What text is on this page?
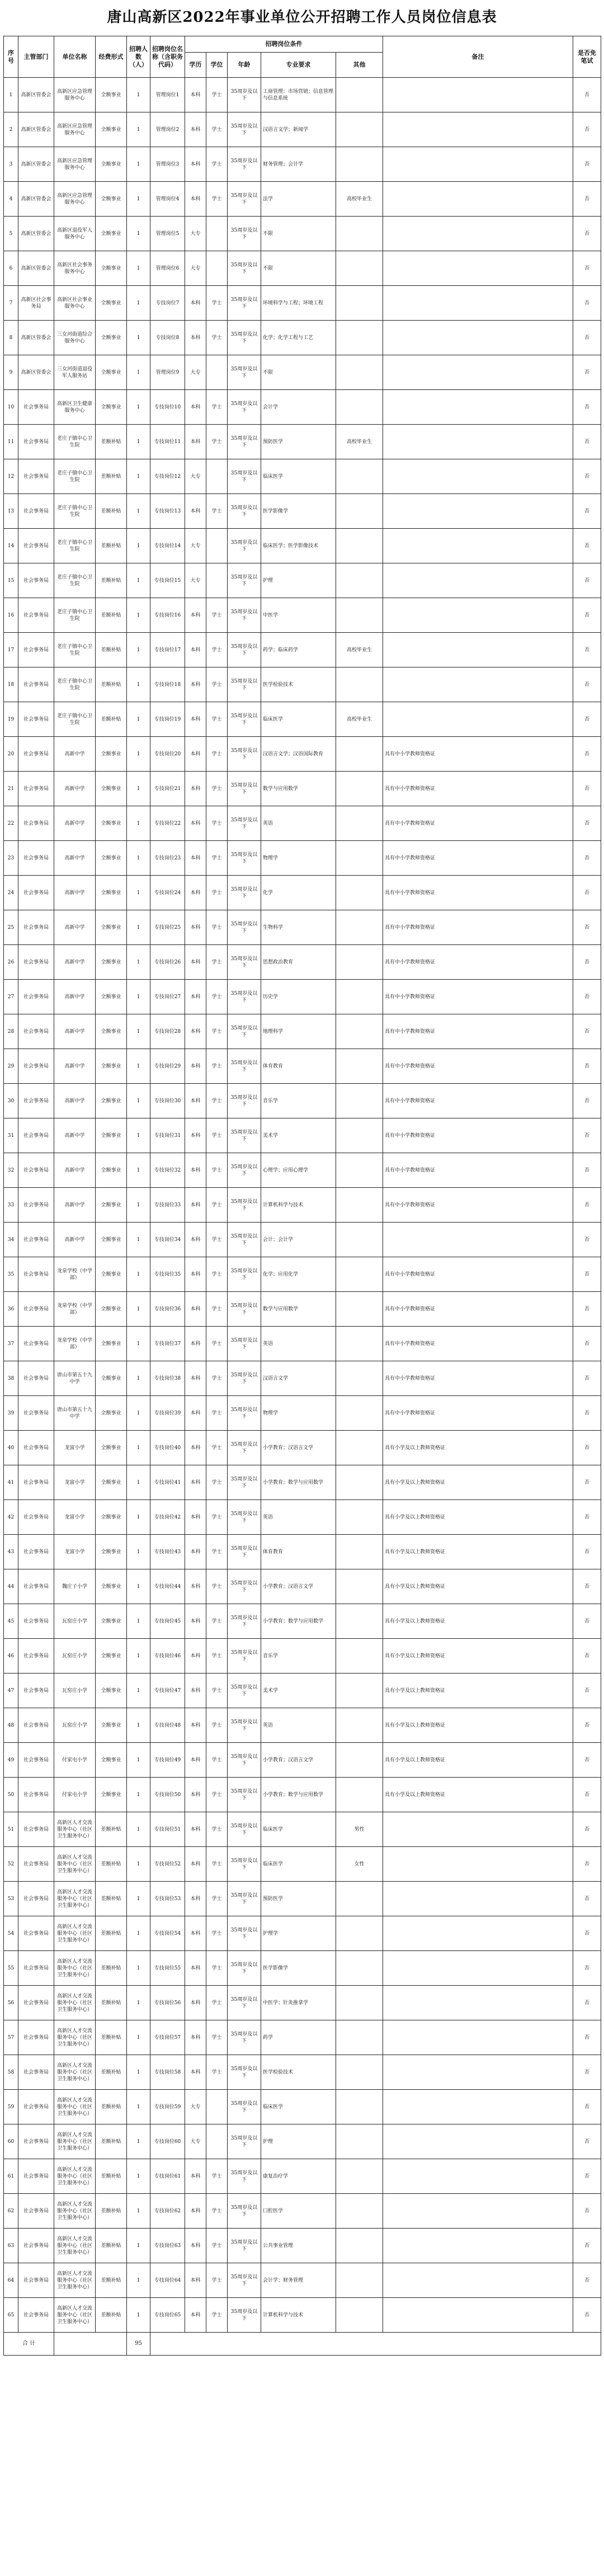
唐山高新区2022年事业单位公开招聘工作人员岗位信息表
序号	主管部门	单位名称	经费形式	招聘人数（人）	招聘岗位名称（含职务代码）	招聘岗位条件					备注	是否免笔试
						学历	学位	年龄	专业要求	其他		
1	高新区管委会	高新区应急管理服务中心	全额事业	1	管理岗位1	本科	学士	35周岁及以下	工商管理；市场营销；信息管理与信息系统			否
2	高新区管委会	高新区应急管理服务中心	全额事业	1	管理岗位2	本科	学士	35周岁及以下	汉语言文学；新闻学			否
3	高新区管委会	高新区应急管理服务中心	全额事业	1	管理岗位3	本科	学士	35周岁及以下	财务管理；会计学			否
4	高新区管委会	高新区应急管理服务中心	全额事业	1	管理岗位4	本科	学士	35周岁及以下	法学	高校毕业生		否
5	高新区管委会	高新区退役军人服务中心	全额事业	1	管理岗位5	大专		35周岁及以下	不限			否
6	高新区管委会	高新区社会事务服务中心	全额事业	1	管理岗位6	大专		35周岁及以下	不限			否
7	高新区社会事务局	高新区社会事业服务中心	全额事业	1	专技岗位7	本科	学士	35周岁及以下	环境科学与工程；环境工程			否
8	高新区管委会	三女河街道综合服务中心	全额事业	1	专技岗位8	本科	学士	35周岁及以下	化学；化学工程与工艺			否
9	高新区管委会	三女河街道退役军人服务站	全额事业	1	管理岗位9	大专		35周岁及以下	不限			否
10	社会事务局	高新区卫生健康服务中心	全额事业	1	专技岗位10	本科	学士	35周岁及以下	会计学			否
11	社会事务局	老庄子镇中心卫生院	差额补贴	1	专技岗位11	本科	学士	35周岁及以下	预防医学	高校毕业生		否
12	社会事务局	老庄子镇中心卫生院	差额补贴	1	专技岗位12	大专		35周岁及以下	临床医学			否
13	社会事务局	老庄子镇中心卫生院	差额补贴	1	专技岗位13	本科	学士	35周岁及以下	医学影像学			否
14	社会事务局	老庄子镇中心卫生院	差额补贴	1	专技岗位14	大专		35周岁及以下	临床医学；医学影像技术			否
15	社会事务局	老庄子镇中心卫生院	差额补贴	1	专技岗位15	大专		35周岁及以下	护理			否
16	社会事务局	老庄子镇中心卫生院	差额补贴	1	专技岗位16	本科	学士	35周岁及以下	中医学			否
17	社会事务局	老庄子镇中心卫生院	差额补贴	1	专技岗位17	本科	学士	35周岁及以下	药学；临床药学	高校毕业生		否
18	社会事务局	老庄子镇中心卫生院	差额补贴	1	专技岗位18	本科	学士	35周岁及以下	医学检验技术			否
19	社会事务局	老庄子镇中心卫生院	差额补贴	1	专技岗位19	本科	学士	35周岁及以下	临床医学	高校毕业生		否
20	社会事务局	高新中学	全额事业	1	专技岗位20	本科	学士	35周岁及以下	汉语言文学；汉语国际教育		具有中小学教师资格证	否
21	社会事务局	高新中学	全额事业	1	专技岗位21	本科	学士	35周岁及以下	数学与应用数学		具有中小学教师资格证	否
22	社会事务局	高新中学	全额事业	1	专技岗位22	本科	学士	35周岁及以下	英语		具有中小学教师资格证	否
23	社会事务局	高新中学	全额事业	1	专技岗位23	本科	学士	35周岁及以下	物理学		具有中小学教师资格证	否
24	社会事务局	高新中学	全额事业	1	专技岗位24	本科	学士	35周岁及以下	化学		具有中小学教师资格证	否
25	社会事务局	高新中学	全额事业	1	专技岗位25	本科	学士	35周岁及以下	生物科学		具有中小学教师资格证	否
26	社会事务局	高新中学	全额事业	1	专技岗位26	本科	学士	35周岁及以下	思想政治教育		具有中小学教师资格证	否
27	社会事务局	高新中学	全额事业	1	专技岗位27	本科	学士	35周岁及以下	历史学		具有中小学教师资格证	否
28	社会事务局	高新中学	全额事业	1	专技岗位28	本科	学士	35周岁及以下	地理科学		具有中小学教师资格证	否
29	社会事务局	高新中学	全额事业	1	专技岗位29	本科	学士	35周岁及以下	体育教育		具有中小学教师资格证	否
30	社会事务局	高新中学	全额事业	1	专技岗位30	本科	学士	35周岁及以下	音乐学		具有中小学教师资格证	否
31	社会事务局	高新中学	全额事业	1	专技岗位31	本科	学士	35周岁及以下	美术学		具有中小学教师资格证	否
32	社会事务局	高新中学	全额事业	1	专技岗位32	本科	学士	35周岁及以下	心理学；应用心理学		具有中小学教师资格证	否
33	社会事务局	高新中学	全额事业	1	专技岗位33	本科	学士	35周岁及以下	计算机科学与技术		具有中小学教师资格证	否
34	社会事务局	高新中学	全额事业	1	专技岗位34	本科	学士	35周岁及以下	会计；会计学			否
35	社会事务局	龙泉学校（中学部）	全额事业	1	专技岗位35	本科	学士	35周岁及以下	化学；应用化学		具有中小学教师资格证	否
36	社会事务局	龙泉学校（中学部）	全额事业	1	专技岗位36	本科	学士	35周岁及以下	数学与应用数学		具有中小学教师资格证	否
37	社会事务局	龙泉学校（中学部）	全额事业	1	专技岗位37	本科	学士	35周岁及以下	英语		具有中小学教师资格证	否
38	社会事务局	唐山市第五十九中学	全额事业	1	专技岗位38	本科	学士	35周岁及以下	汉语言文学		具有中小学教师资格证	否
39	社会事务局	唐山市第五十九中学	全额事业	1	专技岗位39	本科	学士	35周岁及以下	物理学		具有中小学教师资格证	否
40	社会事务局	龙富小学	全额事业	1	专技岗位40	本科	学士	35周岁及以下	小学教育；汉语言文学		具有小学及以上教师资格证	否
41	社会事务局	龙富小学	全额事业	1	专技岗位41	本科	学士	35周岁及以下	小学教育；数学与应用数学		具有小学及以上教师资格证	否
42	社会事务局	龙富小学	全额事业	1	专技岗位42	本科	学士	35周岁及以下	英语		具有小学及以上教师资格证	否
43	社会事务局	龙富小学	全额事业	1	专技岗位43	本科	学士	35周岁及以下	体育教育		具有小学及以上教师资格证	否
44	社会事务局	魏庄子小学	全额事业	1	专技岗位44	本科	学士	35周岁及以下	小学教育；汉语言文学		具有小学及以上教师资格证	否
45	社会事务局	瓦窑庄小学	全额事业	1	专技岗位45	本科	学士	35周岁及以下	小学教育；数学与应用数学		具有小学及以上教师资格证	否
46	社会事务局	瓦窑庄小学	全额事业	1	专技岗位46	本科	学士	35周岁及以下	音乐学		具有小学及以上教师资格证	否
47	社会事务局	瓦窑庄小学	全额事业	1	专技岗位47	本科	学士	35周岁及以下	美术学		具有小学及以上教师资格证	否
48	社会事务局	瓦窑庄小学	全额事业	1	专技岗位48	本科	学士	35周岁及以下	英语		具有小学及以上教师资格证	否
49	社会事务局	付家屯小学	全额事业	1	专技岗位49	本科	学士	35周岁及以下	小学教育；汉语言文学		具有小学及以上教师资格证	否
50	社会事务局	付家屯小学	全额事业	1	专技岗位50	本科	学士	35周岁及以下	小学教育；数学与应用数学		具有小学及以上教师资格证	否
51	社会事务局	高新区人才交流服务中心（社区卫生服务中心）	差额补贴	1	专技岗位51	本科	学士	35周岁及以下	临床医学	男性		否
52	社会事务局	高新区人才交流服务中心（社区卫生服务中心）	差额补贴	1	专技岗位52	本科	学士	35周岁及以下	临床医学	女性		否
53	社会事务局	高新区人才交流服务中心（社区卫生服务中心）	差额补贴	1	专技岗位53	本科	学士	35周岁及以下	预防医学			否
54	社会事务局	高新区人才交流服务中心（社区卫生服务中心）	差额补贴	1	专技岗位54	本科	学士	35周岁及以下	护理学			否
55	社会事务局	高新区人才交流服务中心（社区卫生服务中心）	差额补贴	1	专技岗位55	本科	学士	35周岁及以下	医学影像学			否
56	社会事务局	高新区人才交流服务中心（社区卫生服务中心）	差额补贴	1	专技岗位56	本科	学士	35周岁及以下	中医学；针灸推拿学			否
57	社会事务局	高新区人才交流服务中心（社区卫生服务中心）	差额补贴	1	专技岗位57	本科	学士	35周岁及以下	药学			否
58	社会事务局	高新区人才交流服务中心（社区卫生服务中心）	差额补贴	1	专技岗位58	本科	学士	35周岁及以下	医学检验技术			否
59	社会事务局	高新区人才交流服务中心（社区卫生服务中心）	差额补贴	1	专技岗位59	大专		35周岁及以下	临床医学			否
60	社会事务局	高新区人才交流服务中心（社区卫生服务中心）	差额补贴	1	专技岗位60	大专		35周岁及以下	护理			否
61	社会事务局	高新区人才交流服务中心（社区卫生服务中心）	差额补贴	1	专技岗位61	本科	学士	35周岁及以下	康复治疗学			否
62	社会事务局	高新区人才交流服务中心（社区卫生服务中心）	差额补贴	1	专技岗位62	本科	学士	35周岁及以下	口腔医学			否
63	社会事务局	高新区人才交流服务中心（社区卫生服务中心）	差额补贴	1	专技岗位63	本科	学士	35周岁及以下	公共事业管理			否
64	社会事务局	高新区人才交流服务中心（社区卫生服务中心）	差额补贴	1	专技岗位64	本科	学士	35周岁及以下	会计学；财务管理			否
65	社会事务局	高新区人才交流服务中心（社区卫生服务中心）	差额补贴	1	专技岗位65	本科	学士	35周岁及以下	计算机科学与技术			否
合 计				95								
